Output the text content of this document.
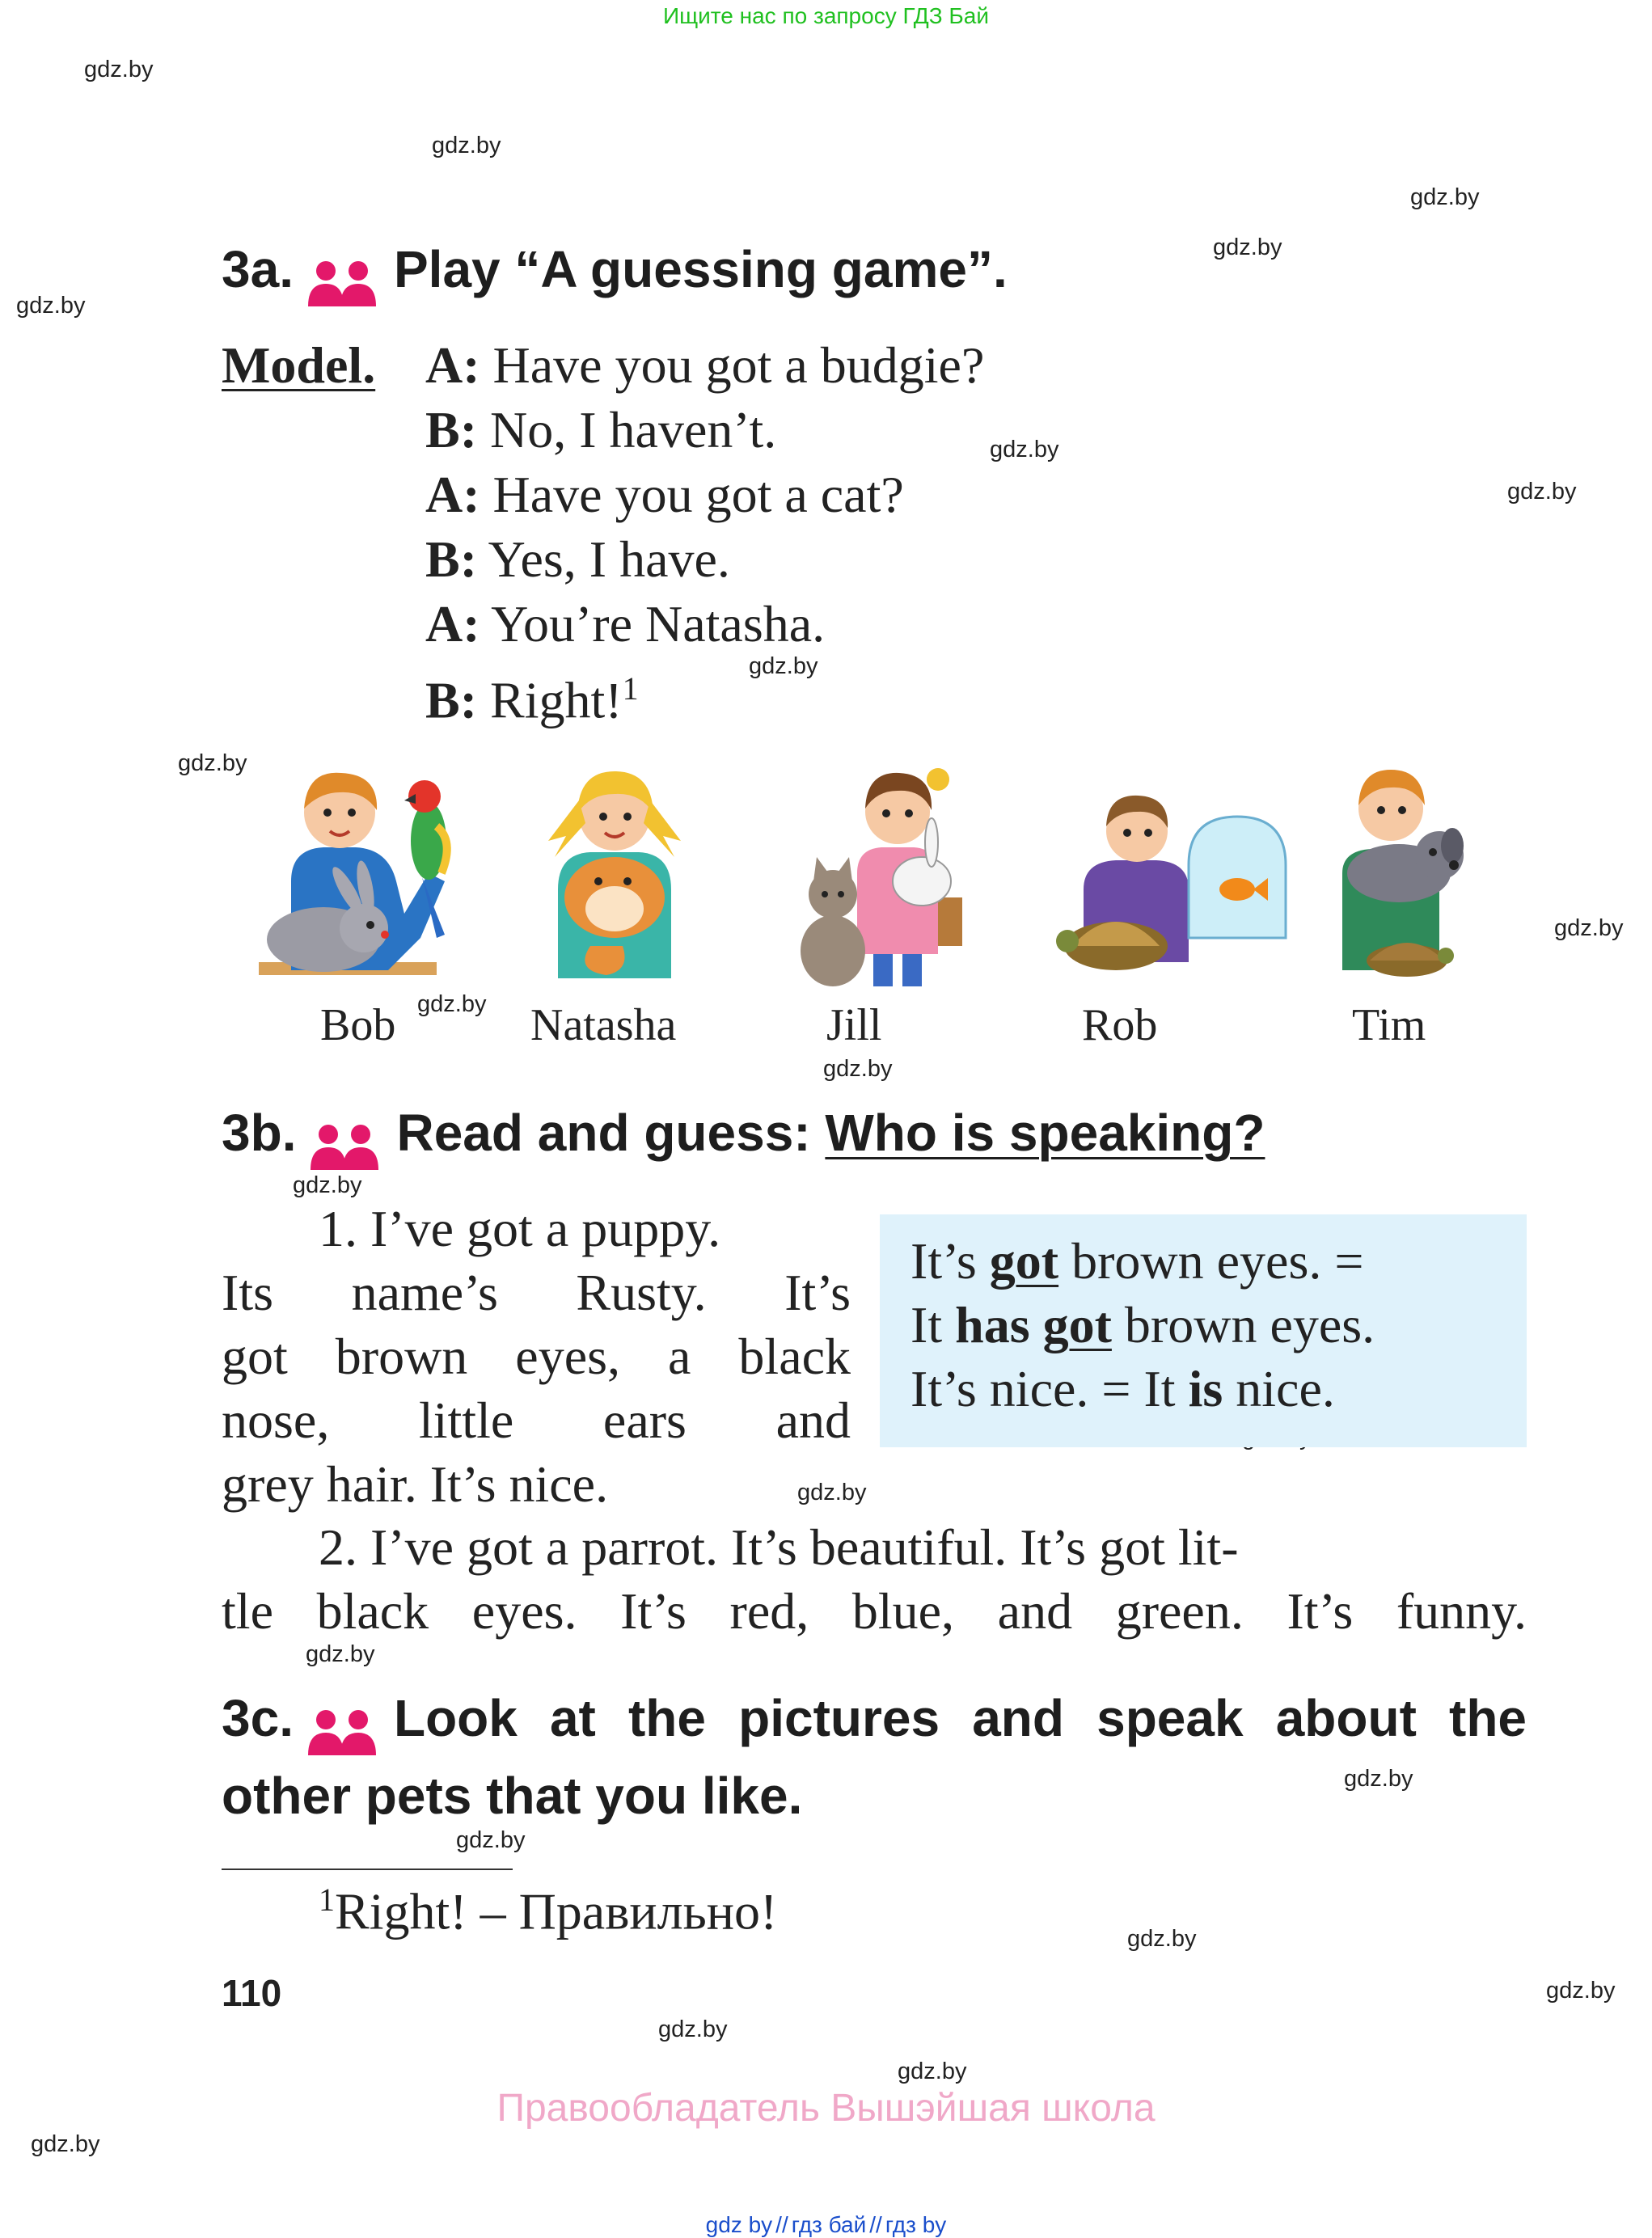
Ищите нас по запросу ГДЗ Бай
gdz.by
gdz.by
gdz.by
gdz.by
gdz.by
gdz.by
gdz.by
gdz.by
gdz.by
gdz.by
gdz.by
gdz.by
gdz.by
gdz.by
gdz.by
gdz.by
gdz.by
gdz.by
gdz.by
gdz.by
gdz.by
gdz.by
3a. Play “A guessing game”.
Model. A: Have you got a budgie?
B: No, I haven’t.
A: Have you got a cat?
B: Yes, I have.
A: You’re Natasha.
B: Right!$^1$
Bob	Natasha	Jill	Rob	Tim
3b. Read and guess: Who is speaking?
1. I’ve got a puppy.
Its name’s Rusty. It’s
got brown eyes, a black
nose, little ears and
grey hair. It’s nice.
It’s got brown eyes. =
It has got brown eyes.
It’s nice. = It is nice.
2. I’ve got a parrot. It’s beautiful. It’s got lit-
tle black eyes. It’s red, blue, and green. It’s funny.
3c. Look at the pictures and speak about the
other pets that you like.
$^1$Right! – Правильно!
110
Правообладатель Вышэйшая школа
gdz by // гдз бай // гдз by
